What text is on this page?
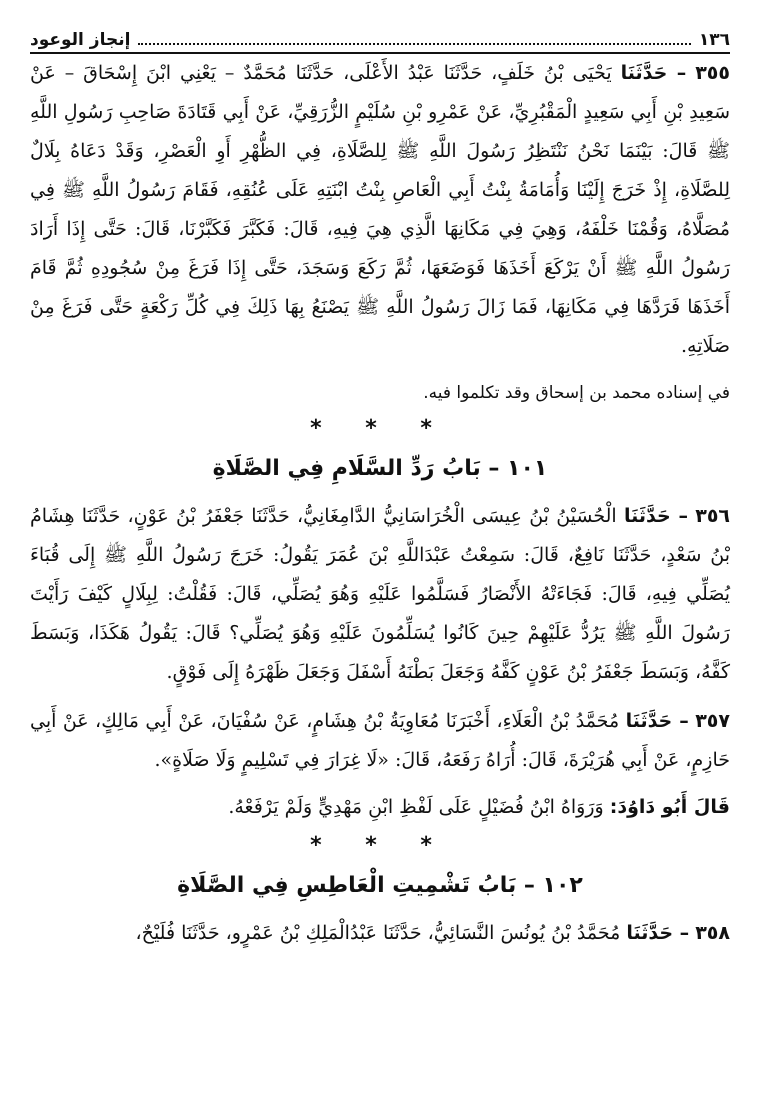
١٣٦
إنجاز الوعود

٣٥٥ – حَدَّثَنَا يَحْيَى بْنُ خَلَفٍ، حَدَّثَنَا عَبْدُ الأَعْلَى، حَدَّثَنَا مُحَمَّدٌ – يَعْنِي ابْنَ إِسْحَاقَ – عَنْ سَعِيدِ بْنِ أَبِي سَعِيدٍ الْمَقْبُرِيِّ، عَنْ عَمْرِو بْنِ سُلَيْمٍ الزُّرَقِيِّ، عَنْ أَبِي قَتَادَةَ صَاحِبِ رَسُولِ اللَّهِ ﷺ قَالَ: بَيْنَمَا نَحْنُ نَنْتَظِرُ رَسُولَ اللَّهِ ﷺ لِلصَّلَاةِ، فِي الظُّهْرِ أَوِ الْعَصْرِ، وَقَدْ دَعَاهُ بِلَالٌ لِلصَّلَاةِ، إِذْ خَرَجَ إِلَيْنَا وَأُمَامَةُ بِنْتُ أَبِي الْعَاصِ بِنْتُ ابْنَتِهِ عَلَى عُنُقِهِ، فَقَامَ رَسُولُ اللَّهِ ﷺ فِي مُصَلَّاهُ، وَقُمْنَا خَلْفَهُ، وَهِيَ فِي مَكَانِهَا الَّذِي هِيَ فِيهِ، قَالَ: فَكَبَّرَ فَكَبَّرْنَا، قَالَ: حَتَّى إِذَا أَرَادَ رَسُولُ اللَّهِ ﷺ أَنْ يَرْكَعَ أَخَذَهَا فَوَضَعَهَا، ثُمَّ رَكَعَ وَسَجَدَ، حَتَّى إِذَا فَرَغَ مِنْ سُجُودِهِ ثُمَّ قَامَ أَخَذَهَا فَرَدَّهَا فِي مَكَانِهَا، فَمَا زَالَ رَسُولُ اللَّهِ ﷺ يَصْنَعُ بِهَا ذَلِكَ فِي كُلِّ رَكْعَةٍ حَتَّى فَرَغَ مِنْ صَلَاتِهِ.

في إسناده محمد بن إسحاق وقد تكلموا فيه.

* * *
١٠١ – بَابُ رَدِّ السَّلَامِ فِي الصَّلَاةِ

٣٥٦ – حَدَّثَنَا الْحُسَيْنُ بْنُ عِيسَى الْخُرَاسَانِيُّ الدَّامِغَانِيُّ، حَدَّثَنَا جَعْفَرُ بْنُ عَوْنٍ، حَدَّثَنَا هِشَامُ بْنُ سَعْدٍ، حَدَّثَنَا نَافِعٌ، قَالَ: سَمِعْتُ عَبْدَاللَّهِ بْنَ عُمَرَ يَقُولُ: خَرَجَ رَسُولُ اللَّهِ ﷺ إِلَى قُبَاءَ يُصَلِّي فِيهِ، قَالَ: فَجَاءَتْهُ الأَنْصَارُ فَسَلَّمُوا عَلَيْهِ وَهُوَ يُصَلِّي، قَالَ: فَقُلْتُ: لِبِلَالٍ كَيْفَ رَأَيْتَ رَسُولَ اللَّهِ ﷺ يَرُدُّ عَلَيْهِمْ حِينَ كَانُوا يُسَلِّمُونَ عَلَيْهِ وَهُوَ يُصَلِّي؟ قَالَ: يَقُولُ هَكَذَا، وَبَسَطَ كَفَّهُ، وَبَسَطَ جَعْفَرُ بْنُ عَوْنٍ كَفَّهُ وَجَعَلَ بَطْنَهُ أَسْفَلَ وَجَعَلَ ظَهْرَهُ إِلَى فَوْقٍ.

٣٥٧ – حَدَّثَنَا مُحَمَّدُ بْنُ الْعَلَاءِ، أَخْبَرَنَا مُعَاوِيَةُ بْنُ هِشَامٍ، عَنْ سُفْيَانَ، عَنْ أَبِي مَالِكٍ، عَنْ أَبِي حَازِمٍ، عَنْ أَبِي هُرَيْرَةَ، قَالَ: أُرَاهُ رَفَعَهُ، قَالَ: «لَا غِرَارَ فِي تَسْلِيمٍ وَلَا صَلَاةٍ».

قَالَ أَبُو دَاوُدَ: وَرَوَاهُ ابْنُ فُضَيْلٍ عَلَى لَفْظِ ابْنِ مَهْدِيٍّ وَلَمْ يَرْفَعْهُ.

* * *
١٠٢ – بَابُ تَشْمِيتِ الْعَاطِسِ فِي الصَّلَاةِ

٣٥٨ – حَدَّثَنَا مُحَمَّدُ بْنُ يُونُسَ النَّسَائِيُّ، حَدَّثَنَا عَبْدُالْمَلِكِ بْنُ عَمْرٍو، حَدَّثَنَا فُلَيْحٌ،
